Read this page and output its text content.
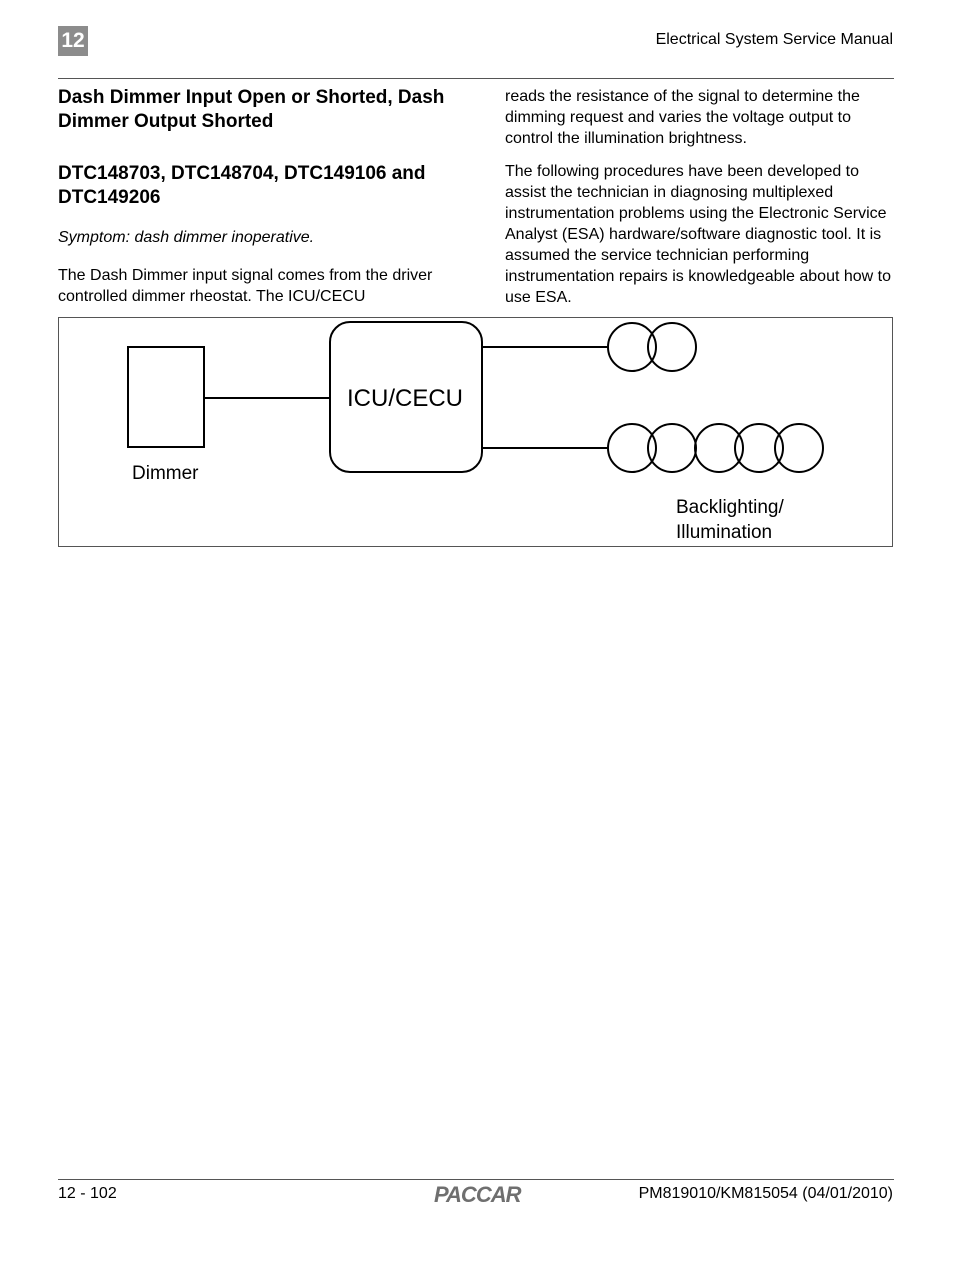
12	Electrical System Service Manual
Dash Dimmer Input Open or Shorted, Dash Dimmer Output Shorted
DTC148703, DTC148704, DTC149106 and DTC149206

Symptom: dash dimmer inoperative.

The Dash Dimmer input signal comes from the driver controlled dimmer rheostat. The ICU/CECU

reads the resistance of the signal to determine the dimming request and varies the voltage output to control the illumination brightness.

The following procedures have been developed to assist the technician in diagnosing multiplexed instrumentation problems using the Electronic Service Analyst (ESA) hardware/software diagnostic tool. It is assumed the service technician performing instrumentation repairs is knowledgeable about how to use ESA.

ICU/CECU
Dimmer
Backlighting/
Illumination
12 - 102	PACCAR	PM819010/KM815054 (04/01/2010)
